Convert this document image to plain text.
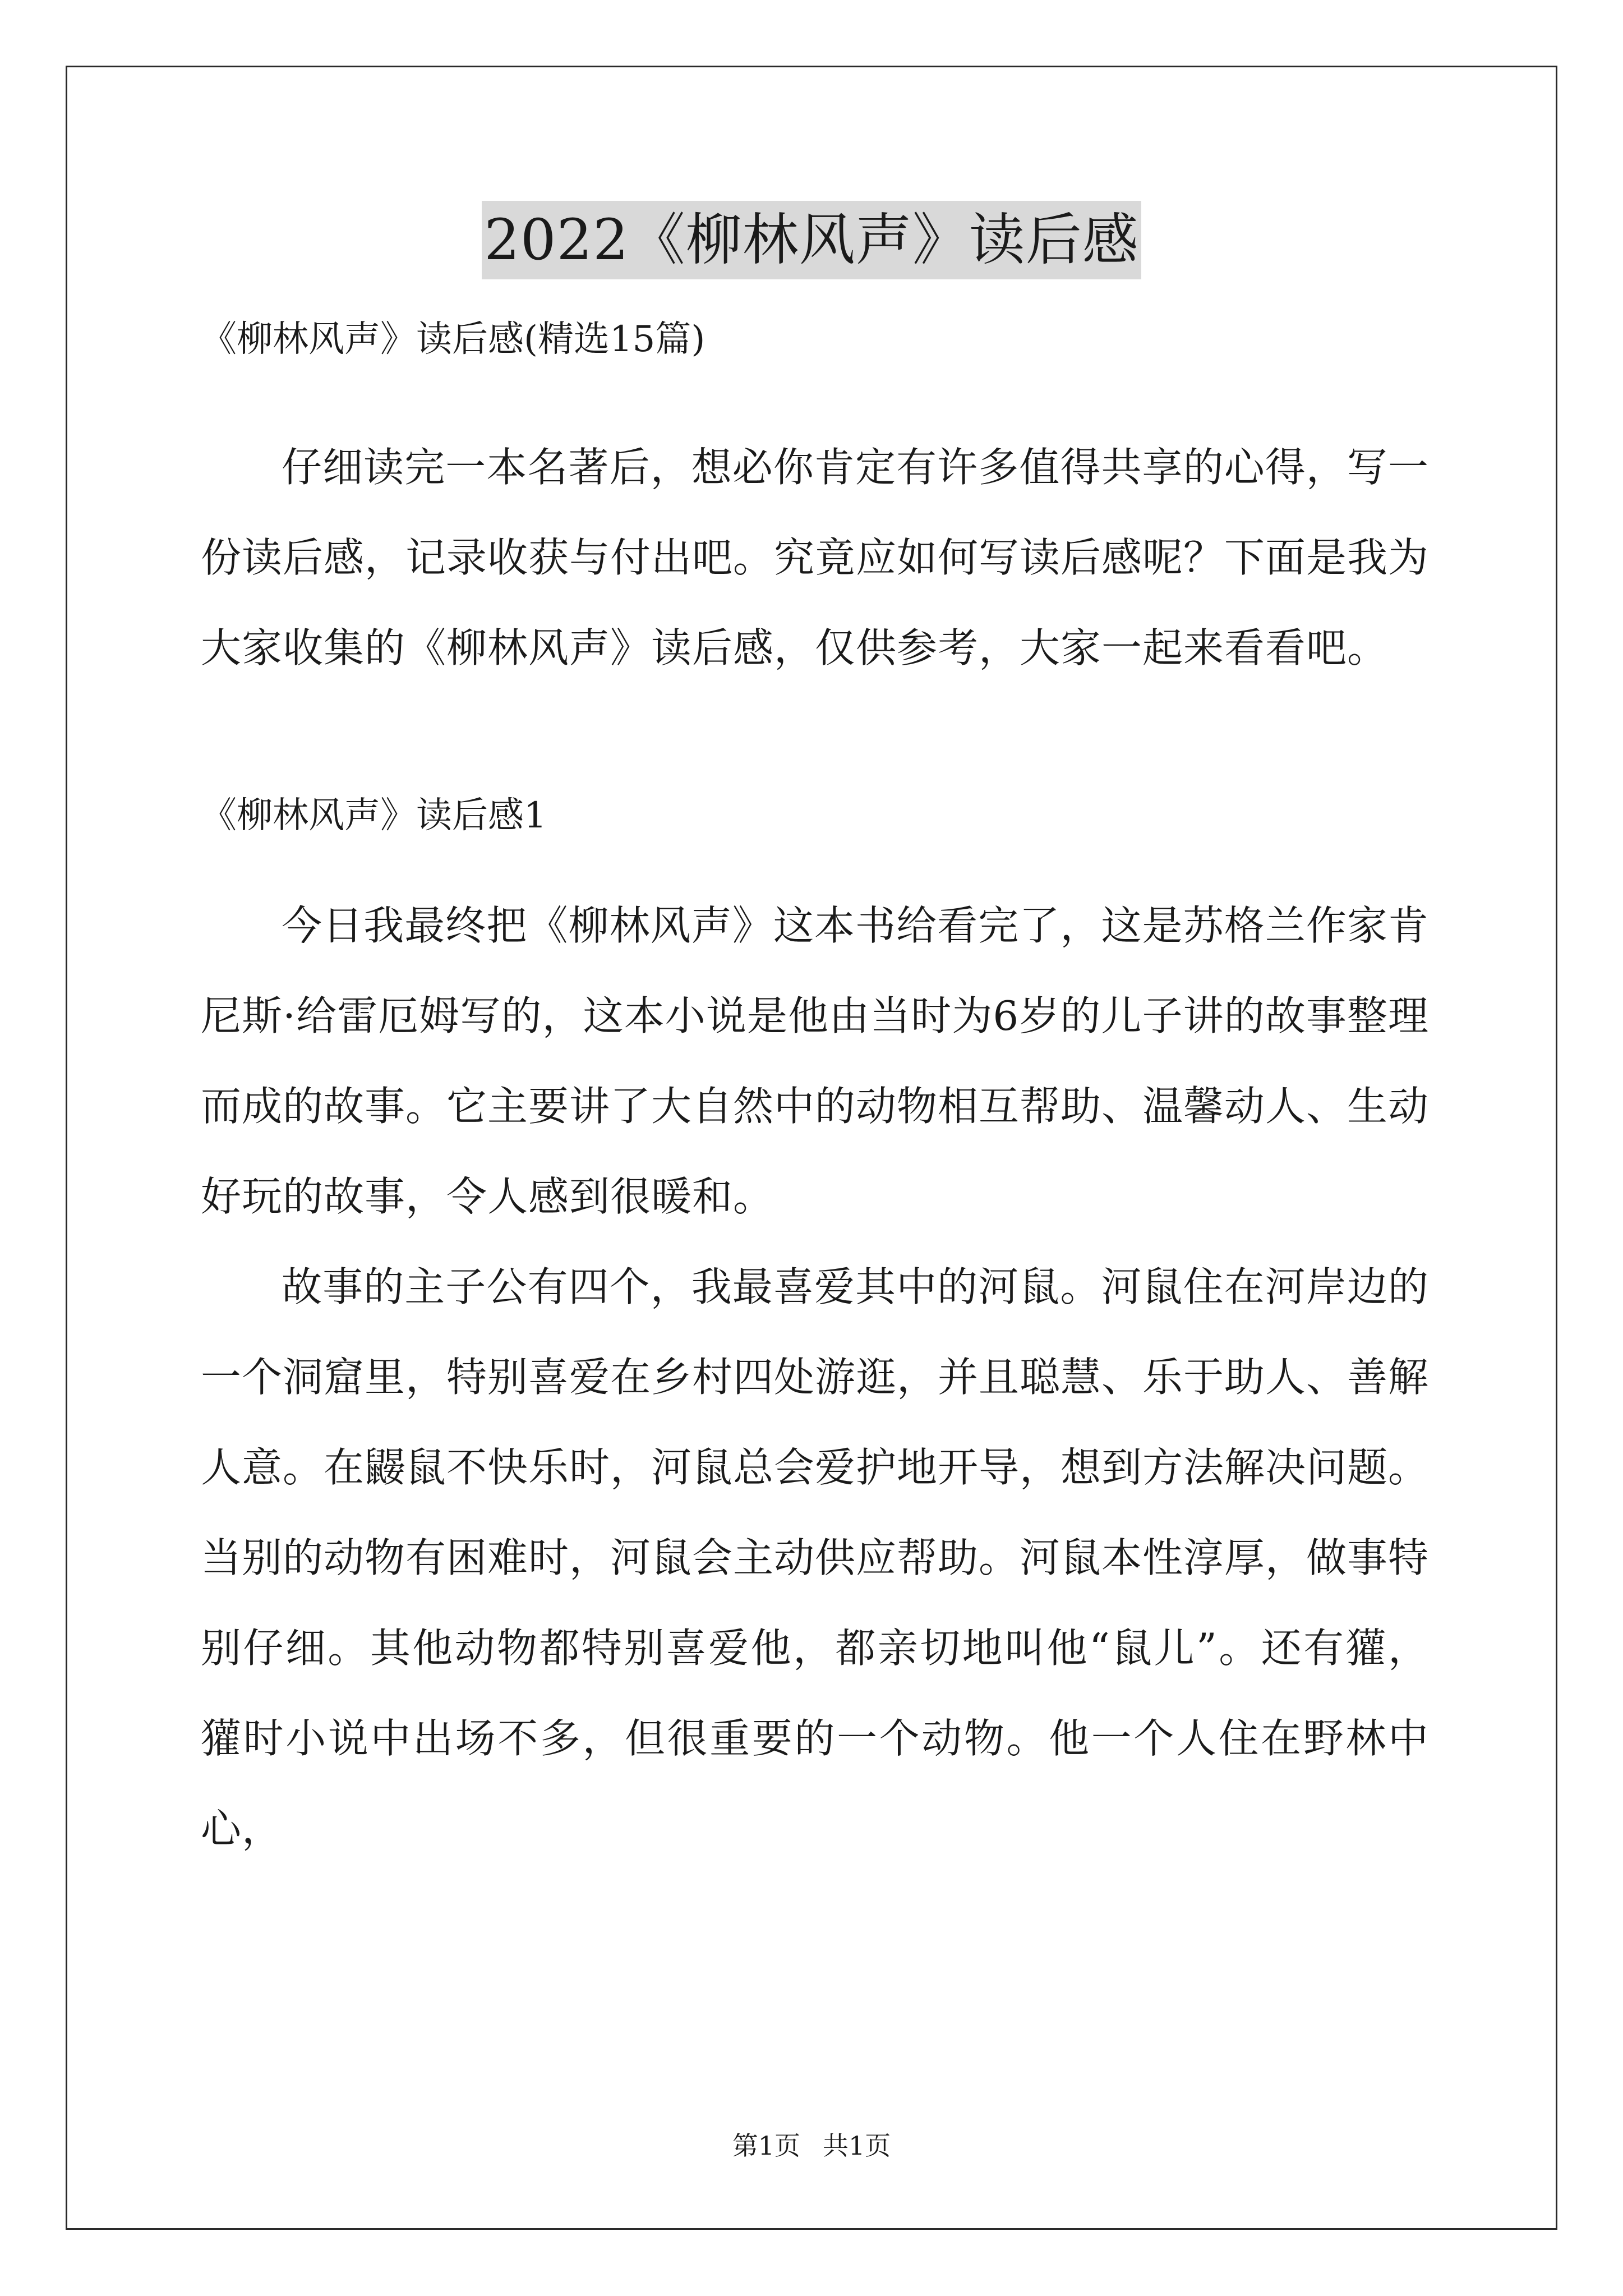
2022《柳林风声》读后感

《柳林风声》读后感(精选15篇)

仔细读完一本名著后，想必你肯定有许多值得共享的心得，写一份读后感，记录收获与付出吧。究竟应如何写读后感呢？下面是我为大家收集的《柳林风声》读后感，仅供参考，大家一起来看看吧。

《柳林风声》读后感1

今日我最终把《柳林风声》这本书给看完了，这是苏格兰作家肯尼斯·给雷厄姆写的，这本小说是他由当时为6岁的儿子讲的故事整理而成的故事。它主要讲了大自然中的动物相互帮助、温馨动人、生动好玩的故事，令人感到很暖和。

故事的主子公有四个，我最喜爱其中的河鼠。河鼠住在河岸边的一个洞窟里，特别喜爱在乡村四处游逛，并且聪慧、乐于助人、善解人意。在鼹鼠不快乐时，河鼠总会爱护地开导，想到方法解决问题。当别的动物有困难时，河鼠会主动供应帮助。河鼠本性淳厚，做事特别仔细。其他动物都特别喜爱他，都亲切地叫他“鼠儿”。还有獾，獾时小说中出场不多，但很重要的一个动物。他一个人住在野林中心，

第1页 共1页
